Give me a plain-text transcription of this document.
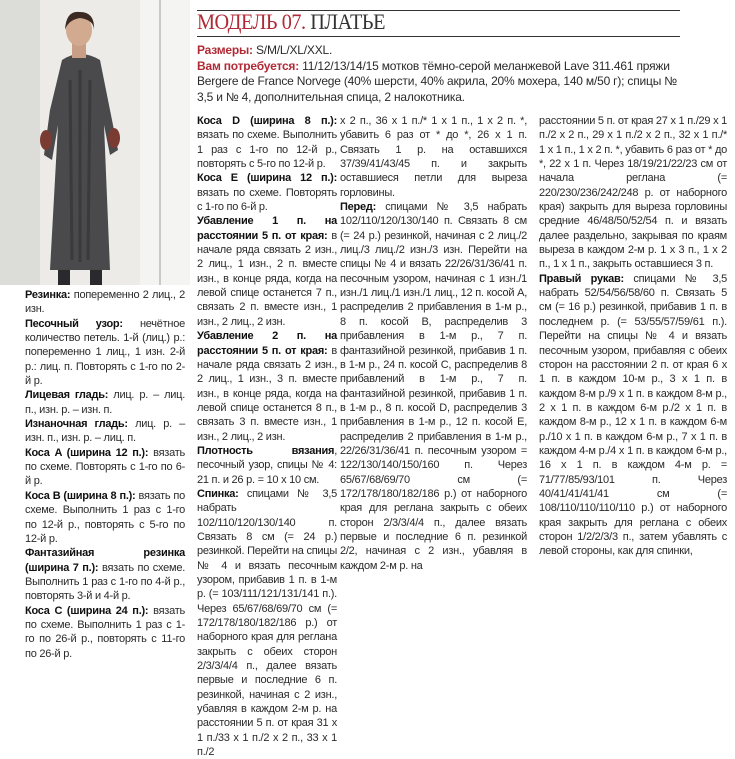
МОДЕЛЬ 07. ПЛАТЬЕ
Размеры: S/M/L/XL/XXL.
Вам потребуется: 11/12/13/14/15 мотков тёмно-серой меланжевой Lave 311.461 пряжи Bergere de France Norvege (40% шерсти, 40% акрила, 20% мохера, 140 м/50 г); спицы № 3,5 и № 4, дополнительная спица, 2 налокотника.

Резинка: попеременно 2 лиц., 2 изн.

Песочный узор: нечётное количество петель. 1-й (лиц.) р.: попеременно 1 лиц., 1 изн. 2-й р.: лиц. п. Повторять с 1-го по 2-й р.

Лицевая гладь: лиц. р. – лиц. п., изн. р. – изн. п.

Изнаночная гладь: лиц. р. – изн. п., изн. р. – лиц. п.

Коса A (ширина 12 п.): вязать по схеме. Повторять с 1-го по 6-й р.

Коса B (ширина 8 п.): вязать по схеме. Выполнить 1 раз с 1-го по 12-й р., повторять с 5-го по 12-й р.

Фантазийная резинка (ширина 7 п.): вязать по схеме. Выполнить 1 раз с 1-го по 4-й р., повторять 3-й и 4-й р.

Коса C (ширина 24 п.): вязать по схеме. Выполнить 1 раз с 1-го по 26-й р., повторять с 11-го по 26-й р.

Коса D (ширина 8 п.): вязать по схеме. Выполнить 1 раз с 1-го по 12-й р., повторять с 5-го по 12-й р.

Коса E (ширина 12 п.): вязать по схеме. Повторять с 1-го по 6-й р.

Убавление 1 п. на расстоянии 5 п. от края: в начале ряда связать 2 изн., 2 лиц., 1 изн., 2 п. вместе изн., в конце ряда, когда на левой спице останется 7 п., связать 2 п. вместе изн., 1 изн., 2 лиц., 2 изн.

Убавление 2 п. на расстоянии 5 п. от края: в начале ряда связать 2 изн., 2 лиц., 1 изн., 3 п. вместе изн., в конце ряда, когда на левой спице останется 8 п., связать 3 п. вместе изн., 1 изн., 2 лиц., 2 изн.

Плотность вязания, песочный узор, спицы № 4: 21 п. и 26 р. = 10 x 10 см.

Спинка: спицами № 3,5 набрать 102/110/120/130/140 п. Связать 8 см (= 24 р.) резинкой. Перейти на спицы № 4 и вязать песочным узором, прибавив 1 п. в 1-м р. (= 103/111/121/131/141 п.). Через 65/67/68/69/70 см (= 172/178/180/182/186 р.) от наборного края для реглана закрыть с обеих сторон 2/3/3/4/4 п., далее вязать первые и последние 6 п. резинкой, начиная с 2 изн., убавляя в каждом 2-м р. на расстоянии 5 п. от края 31 x 1 п./33 x 1 п./2 x 2 п., 33 x 1 п./2

x 2 п., 36 x 1 п./* 1 x 1 п., 1 x 2 п. *, убавить 6 раз от * до *, 26 x 1 п. Связать 1 р. на оставшихся 37/39/41/43/45 п. и закрыть оставшиеся петли для выреза горловины.

Перед: спицами № 3,5 набрать 102/110/120/130/140 п. Связать 8 см (= 24 р.) резинкой, начиная с 2 лиц./2 лиц./3 лиц./2 изн./3 изн. Перейти на спицы № 4 и вязать 22/26/31/36/41 п. песочным узором, начиная с 1 изн./1 изн./1 лиц./1 изн./1 лиц., 12 п. косой А, распределив 2 прибавления в 1-м р., 8 п. косой В, распределив 3 прибавления в 1-м р., 7 п. фантазийной резинкой, прибавив 1 п. в 1-м р., 24 п. косой С, распределив 8 прибавлений в 1-м р., 7 п. фантазийной резинкой, прибавив 1 п. в 1-м р., 8 п. косой D, распределив 3 прибавления в 1-м р., 12 п. косой E, распределив 2 прибавления в 1-м р., 22/26/31/36/41 п. песочным узором = 122/130/140/150/160 п. Через 65/67/68/69/70 см (= 172/178/180/182/186 р.) от наборного края для реглана закрыть с обеих сторон 2/3/3/4/4 п., далее вязать первые и последние 6 п. резинкой 2/2, начиная с 2 изн., убавляя в каждом 2-м р. на

расстоянии 5 п. от края 27 x 1 п./29 x 1 п./2 x 2 п., 29 x 1 п./2 x 2 п., 32 x 1 п./* 1 x 1 п., 1 x 2 п. *, убавить 6 раз от * до *, 22 x 1 п. Через 18/19/21/22/23 см от начала реглана (= 220/230/236/242/248 р. от наборного края) закрыть для выреза горловины средние 46/48/50/52/54 п. и вязать далее раздельно, закрывая по краям выреза в каждом 2-м р. 1 x 3 п., 1 x 2 п., 1 x 1 п., закрыть оставшиеся 3 п.

Правый рукав: спицами № 3,5 набрать 52/54/56/58/60 п. Связать 5 см (= 16 р.) резинкой, прибавив 1 п. в последнем р. (= 53/55/57/59/61 п.). Перейти на спицы № 4 и вязать песочным узором, прибавляя с обеих сторон на расстоянии 2 п. от края 6 x 1 п. в каждом 10-м р., 3 x 1 п. в каждом 8-м р./9 x 1 п. в каждом 8-м р., 2 x 1 п. в каждом 6-м р./2 x 1 п. в каждом 8-м р., 12 x 1 п. в каждом 6-м р./10 x 1 п. в каждом 6-м р., 7 x 1 п. в каждом 4-м р./4 x 1 п. в каждом 6-м р., 16 x 1 п. в каждом 4-м р. = 71/77/85/93/101 п. Через 40/41/41/41/41 см (= 108/110/110/110/110 р.) от наборного края закрыть для реглана с обеих сторон 1/2/2/3/3 п., затем убавлять с левой стороны, как для спинки,
